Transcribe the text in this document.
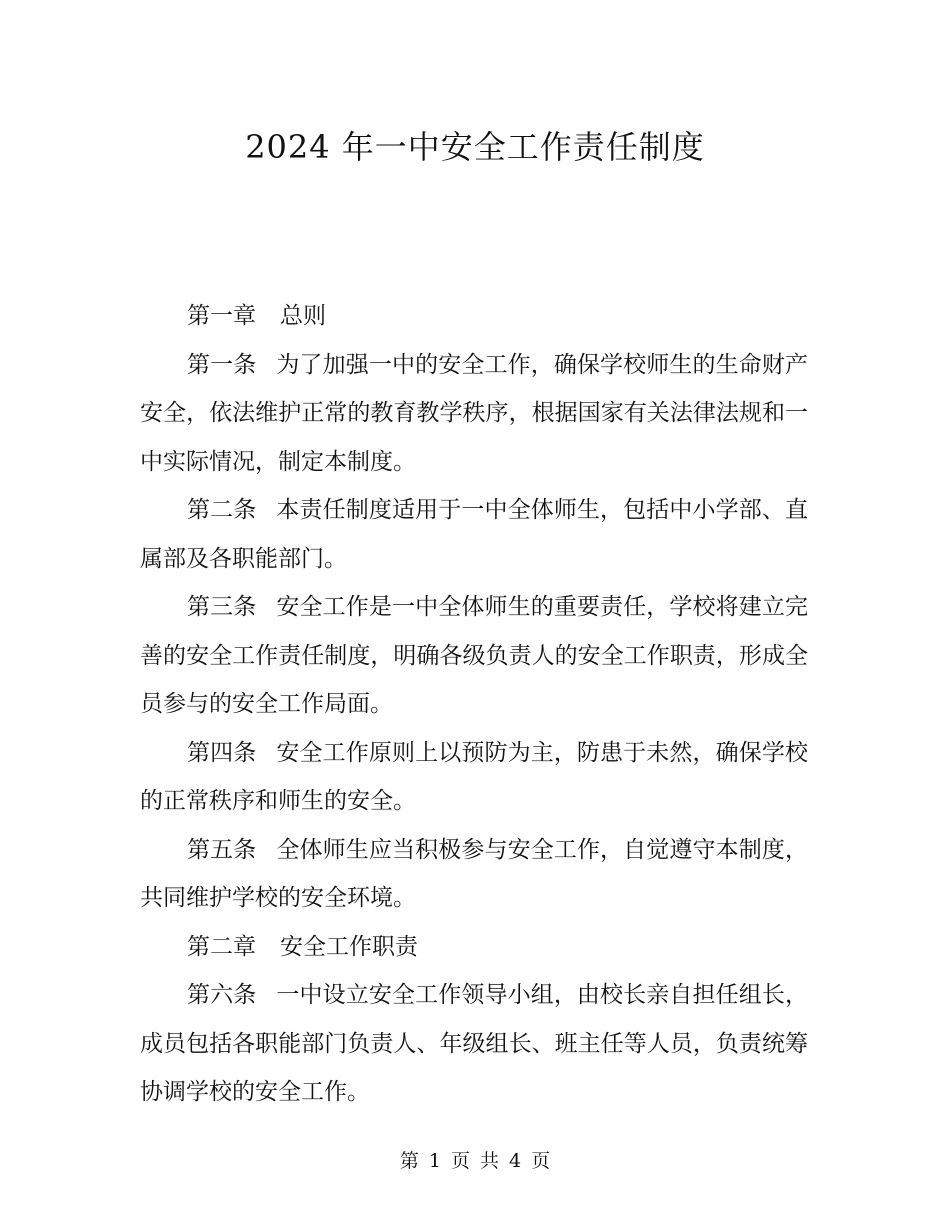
2024 年一中安全工作责任制度

第一章 总则

第一条 为了加强一中的安全工作，确保学校师生的生命财产安全，依法维护正常的教育教学秩序，根据国家有关法律法规和一中实际情况，制定本制度。

第二条 本责任制度适用于一中全体师生，包括中小学部、直属部及各职能部门。

第三条 安全工作是一中全体师生的重要责任，学校将建立完善的安全工作责任制度，明确各级负责人的安全工作职责，形成全员参与的安全工作局面。

第四条 安全工作原则上以预防为主，防患于未然，确保学校的正常秩序和师生的安全。

第五条 全体师生应当积极参与安全工作，自觉遵守本制度，共同维护学校的安全环境。

第二章 安全工作职责

第六条 一中设立安全工作领导小组，由校长亲自担任组长，成员包括各职能部门负责人、年级组长、班主任等人员，负责统筹协调学校的安全工作。

第 1 页 共 4 页
